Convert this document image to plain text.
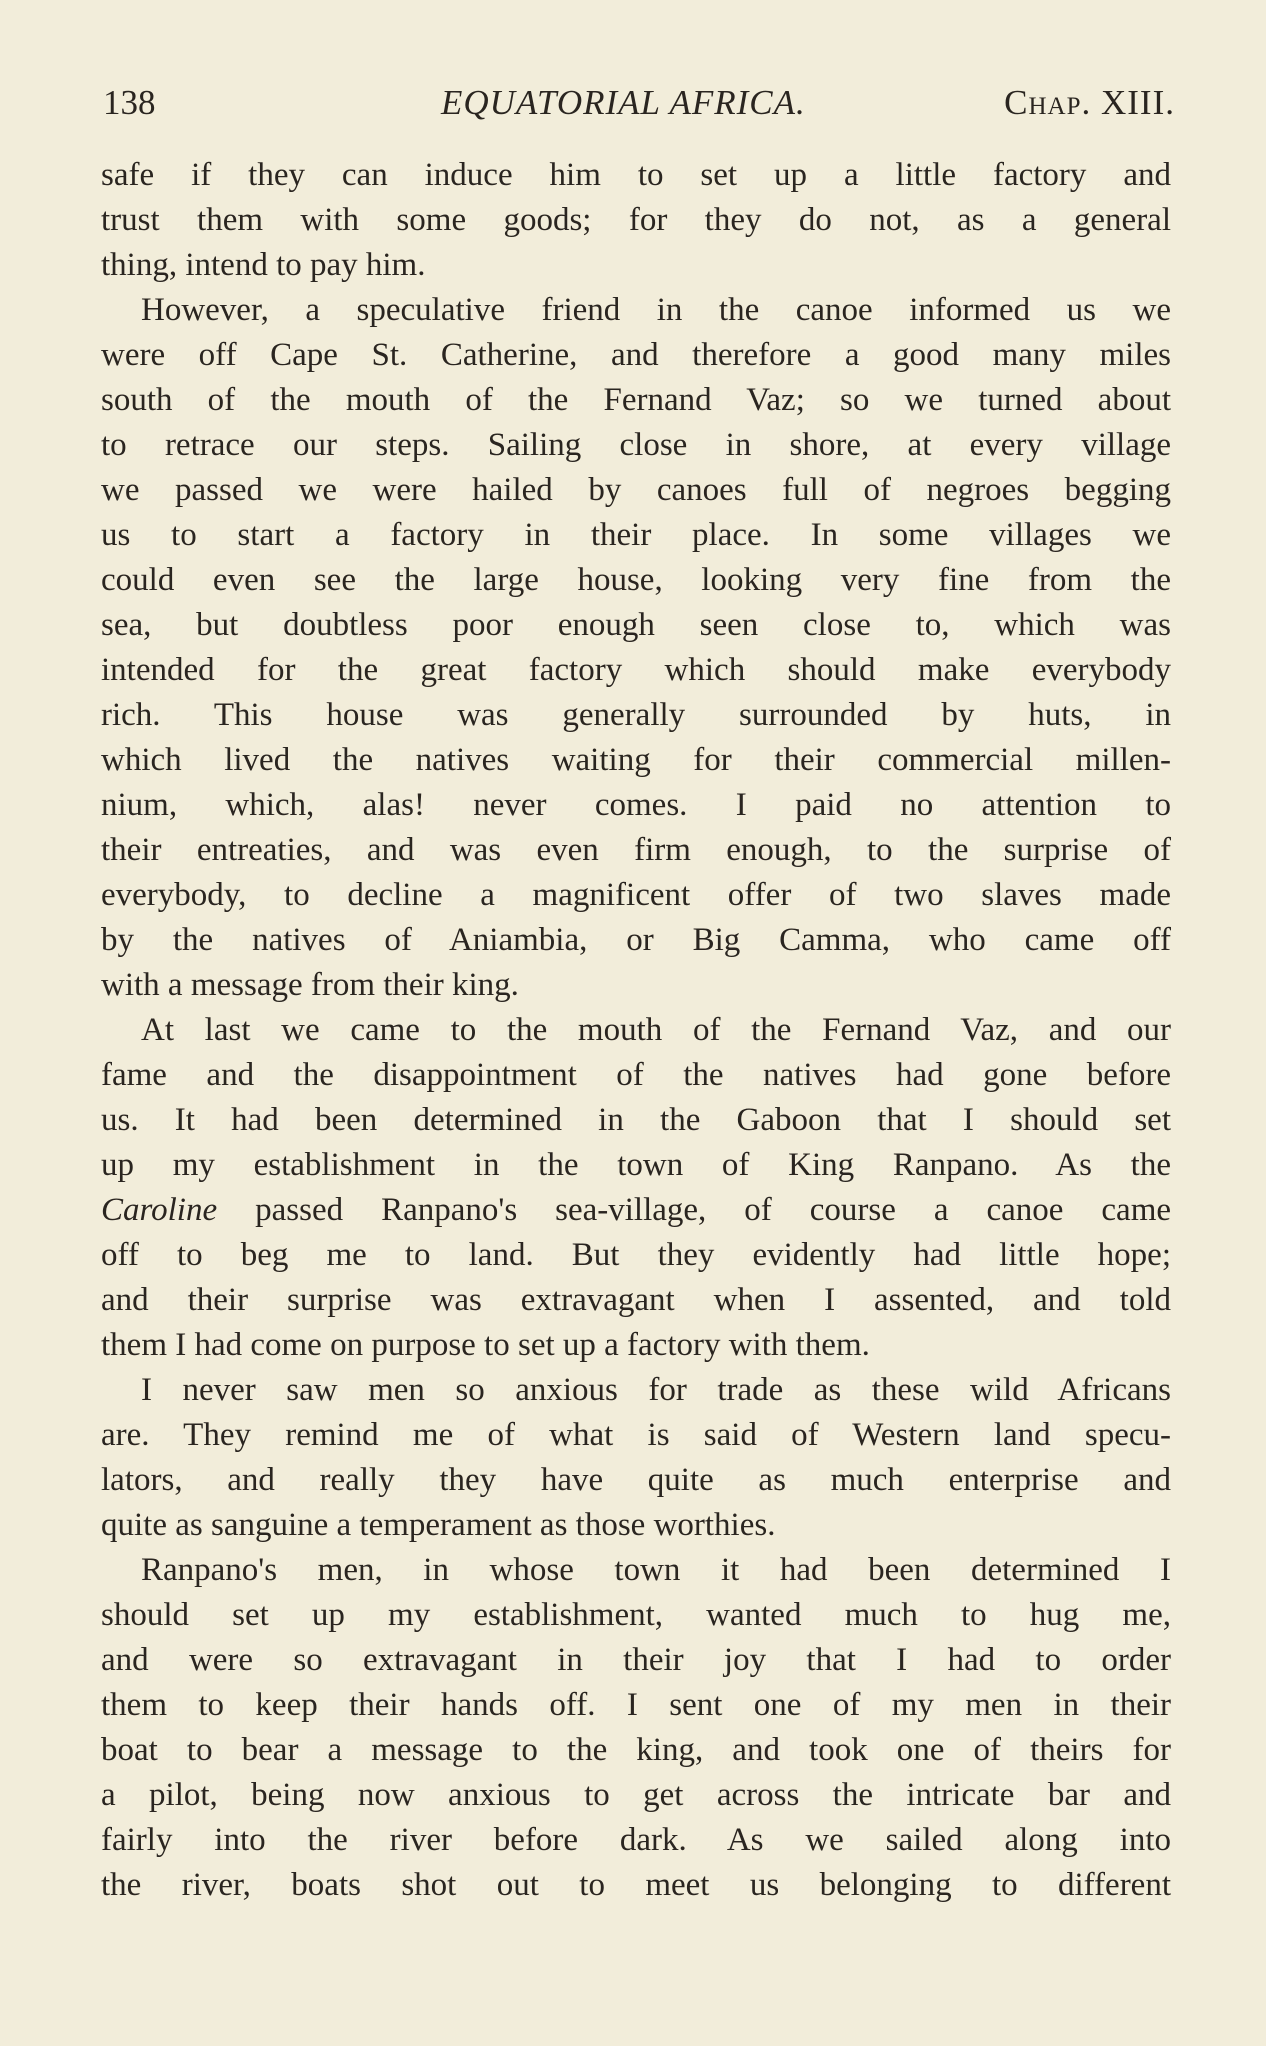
138	EQUATORIAL AFRICA.	Chap. XIII.
safe if they can induce him to set up a little factory and
trust them with some goods; for they do not, as a general
thing, intend to pay him.
However, a speculative friend in the canoe informed us we
were off Cape St. Catherine, and therefore a good many miles
south of the mouth of the Fernand Vaz; so we turned about
to retrace our steps. Sailing close in shore, at every village
we passed we were hailed by canoes full of negroes begging
us to start a factory in their place. In some villages we
could even see the large house, looking very fine from the
sea, but doubtless poor enough seen close to, which was
intended for the great factory which should make everybody
rich. This house was generally surrounded by huts, in
which lived the natives waiting for their commercial millen-
nium, which, alas! never comes. I paid no attention to
their entreaties, and was even firm enough, to the surprise of
everybody, to decline a magnificent offer of two slaves made
by the natives of Aniambia, or Big Camma, who came off
with a message from their king.
At last we came to the mouth of the Fernand Vaz, and our
fame and the disappointment of the natives had gone before
us. It had been determined in the Gaboon that I should set
up my establishment in the town of King Ranpano. As the
Caroline passed Ranpano's sea-village, of course a canoe came
off to beg me to land. But they evidently had little hope;
and their surprise was extravagant when I assented, and told
them I had come on purpose to set up a factory with them.
I never saw men so anxious for trade as these wild Africans
are. They remind me of what is said of Western land specu-
lators, and really they have quite as much enterprise and
quite as sanguine a temperament as those worthies.
Ranpano's men, in whose town it had been determined I
should set up my establishment, wanted much to hug me,
and were so extravagant in their joy that I had to order
them to keep their hands off. I sent one of my men in their
boat to bear a message to the king, and took one of theirs for
a pilot, being now anxious to get across the intricate bar and
fairly into the river before dark. As we sailed along into
the river, boats shot out to meet us belonging to different
